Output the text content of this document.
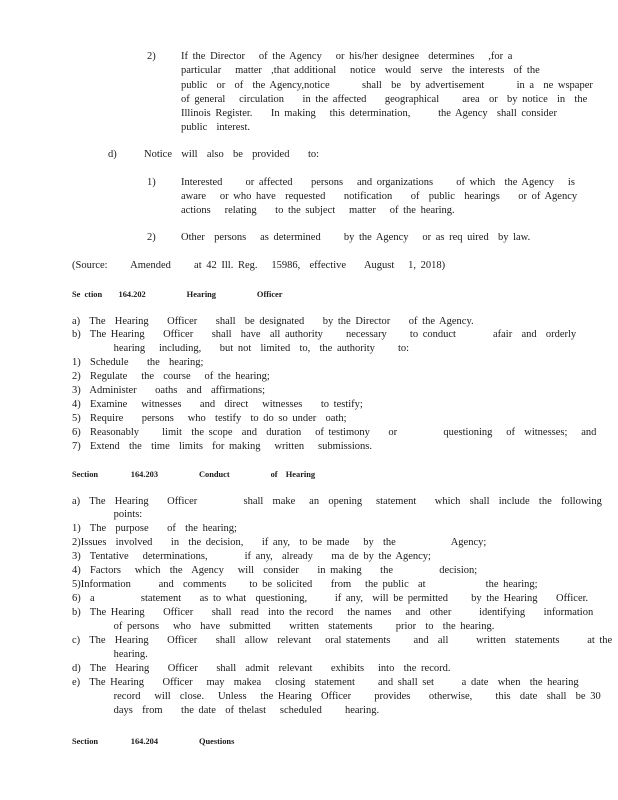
2) If the Director   of the Agency   or his/her designee  determines   ,for a
particular   matter  ,that additional   notice  would  serve  the interests  of the
public  or  of  the Agency,notice       shall  be  by advertisement       in a  ne wspaper
of general   circulation    in the affected    geographical     area  or  by notice  in  the
Illinois Register.    In making   this determination,      the Agency  shall consider
public  interest.
d)	Notice  will  also  be  provided    to:
1) Interested     or affected    persons   and organizations     of which  the Agency   is
aware   or who have  requested    notification    of  public  hearings    or of Agency
actions   relating    to the subject   matter   of the hearing.
2) Other  persons   as determined     by the Agency   or as req uired  by law.
(Source:     Amended     at 42 Ill. Reg.   15986,  effective    August   1, 2018)
Se ction    164.202          Hearing          Officer
a)  The  Hearing    Officer    shall  be designated    by the Director    of the Agency.
b)  The Hearing    Officer    shall  have  all authority     necessary     to conduct        afair  and  orderly
hearing   including,    but not  limited  to,  the authority     to:
1)  Schedule    the  hearing;
2)  Regulate   the  course   of the hearing;
3)  Administer    oaths  and  affirmations;
4)  Examine   witnesses    and  direct   witnesses    to testify;
5)  Require    persons   who  testify  to do so under  oath;
6)  Reasonably     limit  the scope  and  duration   of testimony    or          questioning   of  witnesses;   and
7)  Extend  the  time  limits  for making   written   submissions.
Section        164.203          Conduct          of  Hearing
a)  The  Hearing    Officer          shall  make   an  opening   statement    which  shall  include  the  following
points:
1)  The  purpose    of  the hearing;
2)Issues  involved    in  the decision,    if any,  to be made   by  the            Agency;
3)  Tentative   determinations,        if any,  already    ma de by the Agency;
4)  Factors   which  the  Agency   will  consider    in making    the          decision;
5)Information      and  comments     to be solicited    from   the public  at             the hearing;
6)  a          statement    as to what  questioning,      if any,  will be permitted     by the Hearing    Officer.
b)  The Hearing    Officer    shall  read  into the record   the names   and  other      identifying    information
of persons   who  have  submitted    written  statements     prior  to  the hearing.
c)  The  Hearing    Officer    shall  allow  relevant   oral statements     and  all      written  statements      at the
hearing.
d)  The  Hearing    Officer    shall  admit  relevant    exhibits   into  the record.
e)  The Hearing    Officer   may  makea   closing  statement     and shall set      a date  when  the hearing
record   will  close.   Unless   the Hearing  Officer     provides    otherwise,     this  date  shall  be 30
days  from    the date  of thelast   scheduled     hearing.
Section        164.204          Questions
